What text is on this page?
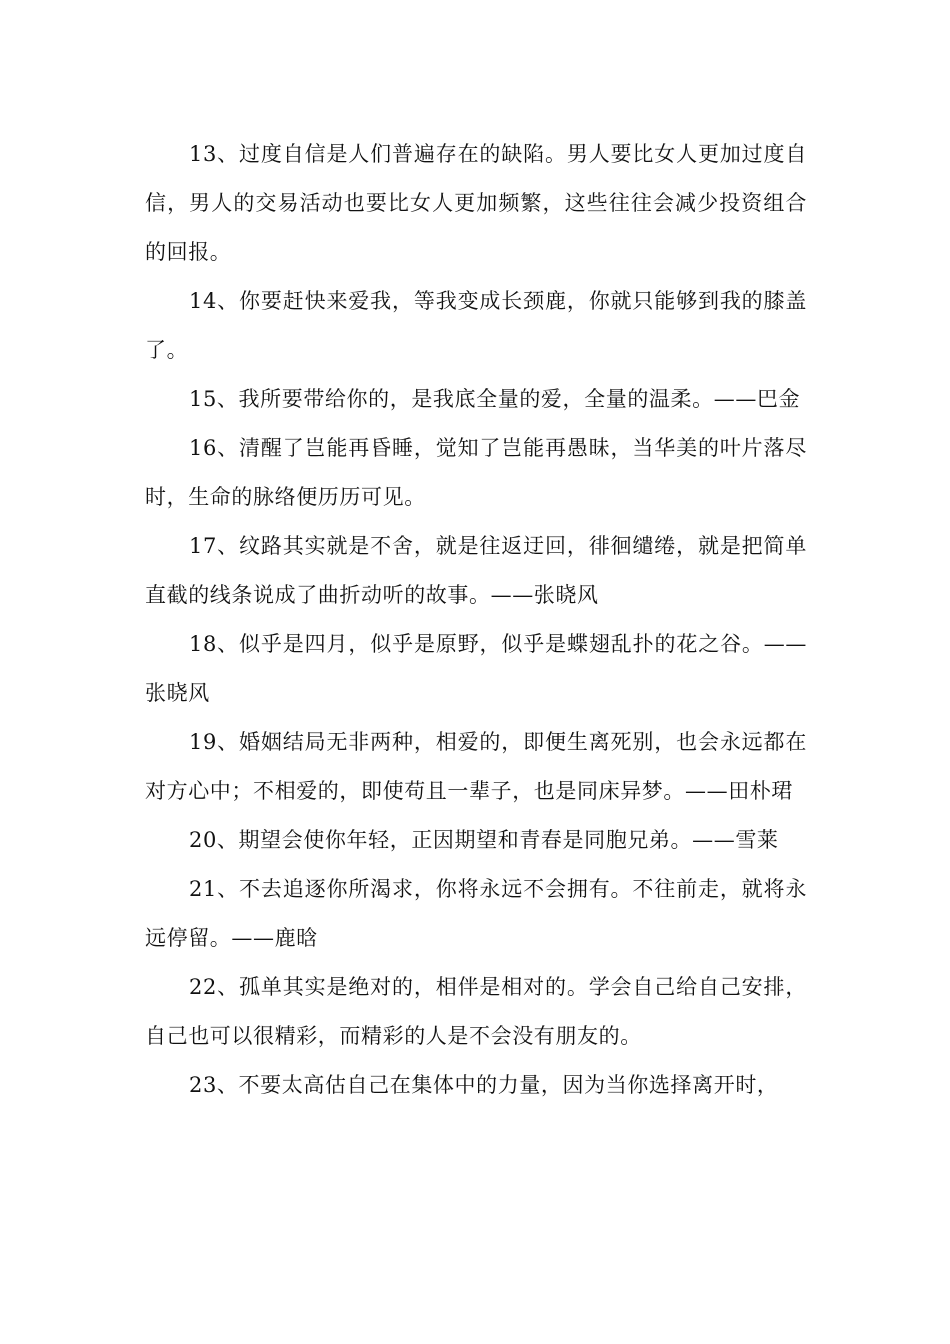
13、过度自信是人们普遍存在的缺陷。男人要比女人更加过度自信，男人的交易活动也要比女人更加频繁，这些往往会减少投资组合的回报。

14、你要赶快来爱我，等我变成长颈鹿，你就只能够到我的膝盖了。

15、我所要带给你的，是我底全量的爱，全量的温柔。——巴金

16、清醒了岂能再昏睡，觉知了岂能再愚昧，当华美的叶片落尽时，生命的脉络便历历可见。

17、纹路其实就是不舍，就是往返迂回，徘徊缱绻，就是把简单直截的线条说成了曲折动听的故事。——张晓风

18、似乎是四月，似乎是原野，似乎是蝶翅乱扑的花之谷。——张晓风

19、婚姻结局无非两种，相爱的，即便生离死别，也会永远都在对方心中；不相爱的，即使苟且一辈子，也是同床异梦。——田朴珺

20、期望会使你年轻，正因期望和青春是同胞兄弟。——雪莱

21、不去追逐你所渴求，你将永远不会拥有。不往前走，就将永远停留。——鹿晗

22、孤单其实是绝对的，相伴是相对的。学会自己给自己安排，自己也可以很精彩，而精彩的人是不会没有朋友的。

23、不要太高估自己在集体中的力量，因为当你选择离开时，
